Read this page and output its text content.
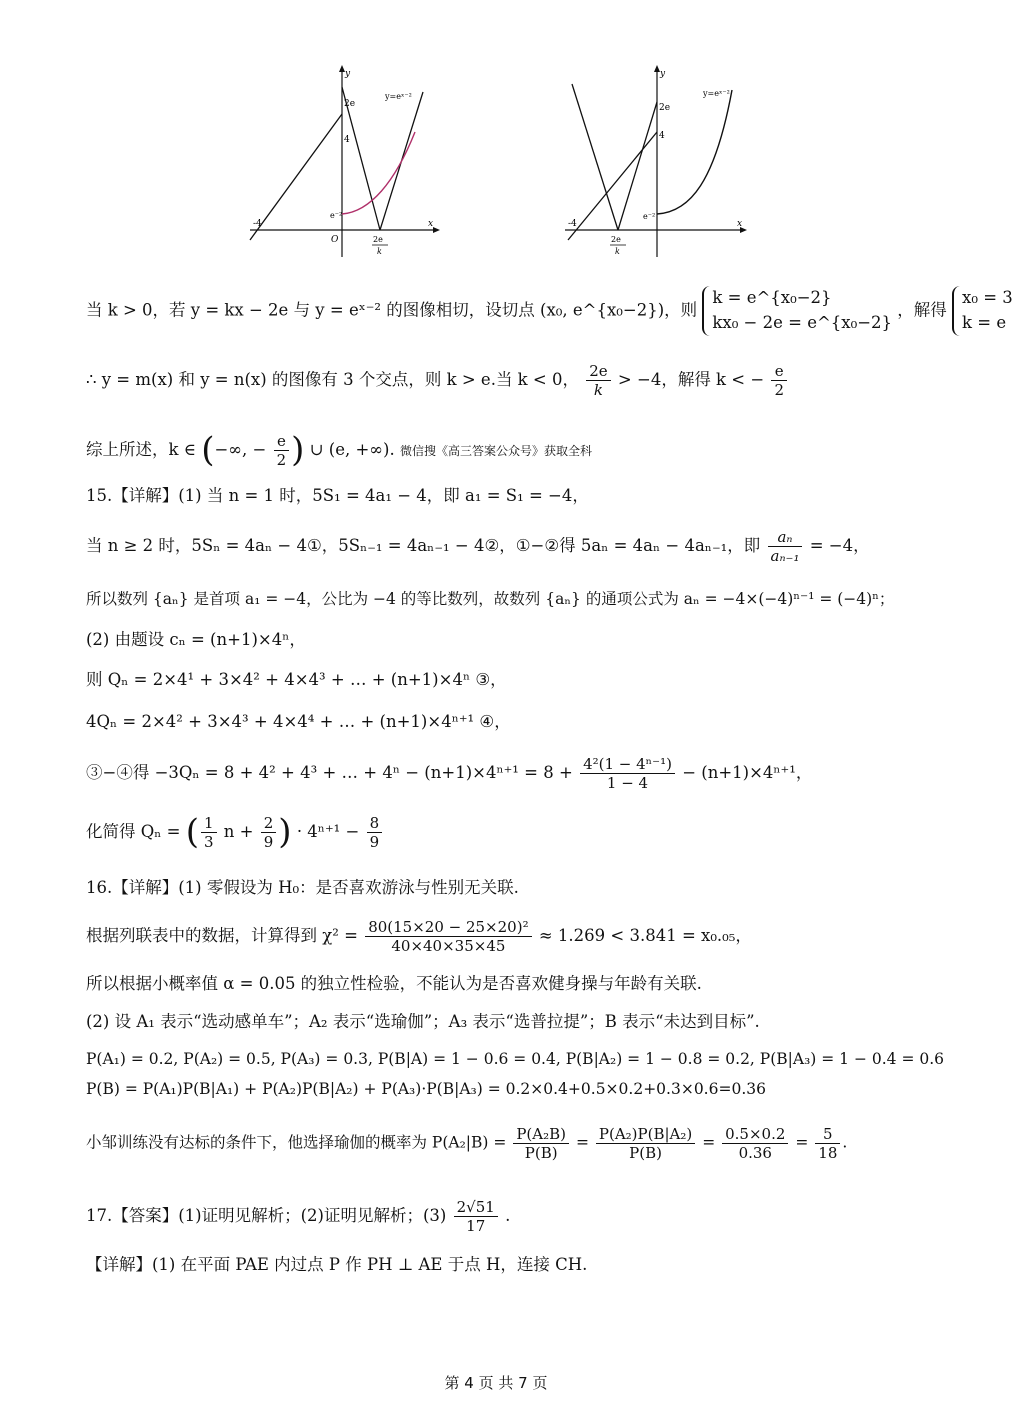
y
x
2e
4
e⁻²
-4
O	2e
k
y=eˣ⁻²
y
x
2e
4
e⁻²
-4
2e
k
y=eˣ⁻²
当 k > 0，若 y = kx − 2e 与 y = eˣ⁻² 的图像相切，设切点 (x₀, e^{x₀−2})，则
k = e^{x₀−2}
kx₀ − 2e = e^{x₀−2}
，解得
x₀ = 3
k = e
∴ y = m(x) 和 y = n(x) 的图像有 3 个交点，则 k > e.当 k < 0， $\frac{2e}{k} > -4$，解得 k < − $\frac{e}{2}$
综上所述，k ∈ (−∞, − $\frac{e}{2}$ ) ∪ (e, +∞). 微信搜《高三答案公众号》获取全科
15.【详解】(1) 当 n = 1 时，5S₁ = 4a₁ − 4，即 a₁ = S₁ = −4，
当 n ≥ 2 时，5Sₙ = 4aₙ − 4①，5Sₙ₋₁ = 4aₙ₋₁ − 4②，①−②得 5aₙ = 4aₙ − 4aₙ₋₁，即 $\frac{\text{aₙ}}{\text{aₙ₋₁}} = -4$，
所以数列 {aₙ} 是首项 a₁ = −4，公比为 −4 的等比数列，故数列 {aₙ} 的通项公式为 aₙ = −4×(−4)ⁿ⁻¹ = (−4)ⁿ；
(2) 由题设 cₙ = (n+1)×4ⁿ，
则 Qₙ = 2×4¹ + 3×4² + 4×4³ + … + (n+1)×4ⁿ ③，
4Qₙ = 2×4² + 3×4³ + 4×4⁴ + … + (n+1)×4ⁿ⁺¹ ④，
③−④得 −3Qₙ = 8 + 4² + 4³ + … + $4^n - (n+1)\times 4^{n+1} = 8 + \frac{\text{4²(1 − 4ⁿ⁻¹)}}{1 - 4} - (n+1)\times 4^{n+1}$，
化简得 Qₙ = ( $\frac{1}{3}$ $n + \frac{2}{9}$ ) · $4^{n+1} - \frac{8}{9}$
16.【详解】(1) 零假设为 H₀：是否喜欢游泳与性别无关联.
根据列联表中的数据，计算得到 $\chi^2 = \frac{\text{80(15×20 − 25×20)²}}{40\times 40\times 35\times 45} \approx 1.269 < 3.841 = x_0._{05}$，
所以根据小概率值 α = 0.05 的独立性检验，不能认为是否喜欢健身操与年龄有关联.
(2) 设 A₁ 表示“选动感单车”；A₂ 表示“选瑜伽”；A₃ 表示“选普拉提”；B 表示“未达到目标”.
P(A₁) = 0.2, P(A₂) = 0.5, P(A₃) = 0.3, P(B|A) = 1 − 0.6 = 0.4, P(B|A₂) = 1 − 0.8 = 0.2, P(B|A₃) = 1 − 0.4 = 0.6
P(B) = P(A₁)P(B|A₁) + P(A₂)P(B|A₂) + P(A₃)·P(B|A₃) = 0.2×0.4+0.5×0.2+0.3×0.6=0.36
小邹训练没有达标的条件下，他选择瑜伽的概率为 $P(A_2|B) = \frac{\text{P(A₂B)}}{P(B)} = \frac{\text{P(A₂)P(B|A₂)}}{P(B)} = \frac{0.5\times 0.2}{0.36} = \frac{5}{18}$ .
17.【答案】(1)证明见解析；(2)证明见解析；$(3) \frac{2√51}{17}$ .
【详解】(1) 在平面 PAE 内过点 P 作 PH ⊥ AE 于点 H，连接 CH.
第 4 页 共 7 页
